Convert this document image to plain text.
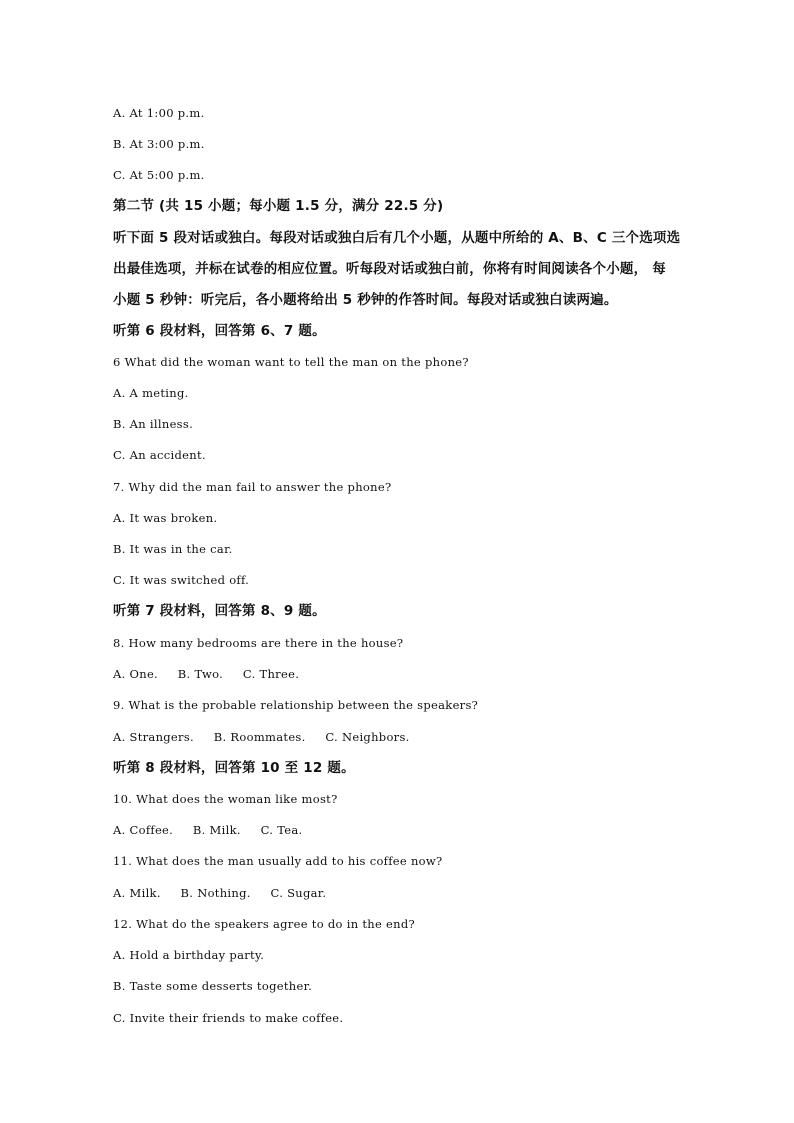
A. At 1:00 p.m.
B. At 3:00 p.m.
C. At 5:00 p.m.
第二节 (共 15 小题；每小题 1.5 分，满分 22.5 分)
听下面 5 段对话或独白。每段对话或独白后有几个小题，从题中所给的 A、B、C 三个选项选
出最佳选项，并标在试卷的相应位置。听每段对话或独白前，你将有时间阅读各个小题， 每
小题 5 秒钟：听完后，各小题将给出 5 秒钟的作答时间。每段对话或独白读两遍。
听第 6 段材料，回答第 6、7 题。
6 What did the woman want to tell the man on the phone?
A. A meting.
B. An illness.
C. An accident.
7. Why did the man fail to answer the phone?
A. It was broken.
B. It was in the car.
C. It was switched off.
听第 7 段材料，回答第 8、9 题。
8. How many bedrooms are there in the house?
A. One.     B. Two.     C. Three.
9. What is the probable relationship between the speakers?
A. Strangers.     B. Roommates.     C. Neighbors.
听第 8 段材料，回答第 10 至 12 题。
10. What does the woman like most?
A. Coffee.     B. Milk.     C. Tea.
11. What does the man usually add to his coffee now?
A. Milk.     B. Nothing.     C. Sugar.
12. What do the speakers agree to do in the end?
A. Hold a birthday party.
B. Taste some desserts together.
C. Invite their friends to make coffee.
